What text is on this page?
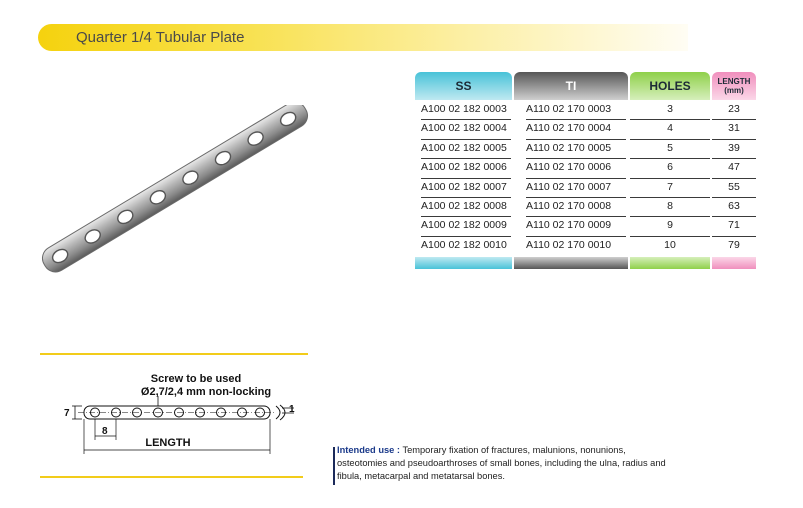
Quarter 1/4 Tubular Plate
SS	TI	HOLES	LENGTH
(mm)
A100 02 182 0003	A110 02 170 0003	3	23
A100 02 182 0004	A110 02 170 0004	4	31
A100 02 182 0005	A110 02 170 0005	5	39
A100 02 182 0006	A110 02 170 0006	6	47
A100 02 182 0007	A110 02 170 0007	7	55
A100 02 182 0008	A110 02 170 0008	8	63
A100 02 182 0009	A110 02 170 0009	9	71
A100 02 182 0010	A110 02 170 0010	10	79
Screw to be used
Ø2,7/2,4 mm non-locking
1
7
8
LENGTH
Intended use : Temporary fixation of fractures, malunions, nonunions, osteotomies and pseudoarthroses of small bones, including the ulna, radius and fibula, metacarpal and metatarsal bones.
